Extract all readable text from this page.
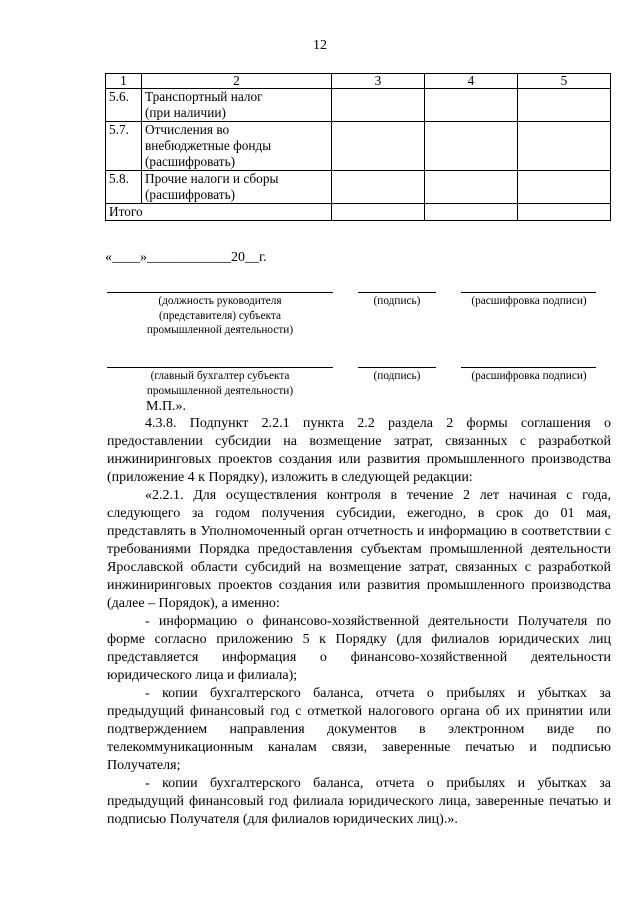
12
1	2	3	4	5
5.6.	Транспортный налог
(при наличии)			
5.7.	Отчисления во
внебюджетные фонды
(расшифровать)			
5.8.	Прочие налоги и сборы
(расшифровать)			
Итого				
«____»____________20__г.
(должность руководителя
(представителя) субъекта
промышленной деятельности)
(подпись)	(расшифровка подписи)
(главный бухгалтер субъекта
промышленной деятельности)
(подпись)	(расшифровка подписи)
М.П.».

4.3.8. Подпункт 2.2.1 пункта 2.2 раздела 2 формы соглашения о предоставлении субсидии на возмещение затрат, связанных с разработкой инжиниринговых проектов создания или развития промышленного производства (приложение 4 к Порядку), изложить в следующей редакции:

«2.2.1. Для осуществления контроля в течение 2 лет начиная с года, следующего за годом получения субсидии, ежегодно, в срок до 01 мая, представлять в Уполномоченный орган отчетность и информацию в соответствии с требованиями Порядка предоставления субъектам промышленной деятельности Ярославской области субсидий на возмещение затрат, связанных с разработкой инжиниринговых проектов создания или развития промышленного производства (далее – Порядок), а именно:

- информацию о финансово-хозяйственной деятельности Получателя по форме согласно приложению 5 к Порядку (для филиалов юридических лиц представляется информация о финансово-хозяйственной деятельности юридического лица и филиала);

- копии бухгалтерского баланса, отчета о прибылях и убытках за предыдущий финансовый год с отметкой налогового органа об их принятии или подтверждением направления документов в электронном виде по телекоммуникационным каналам связи, заверенные печатью и подписью Получателя;

- копии бухгалтерского баланса, отчета о прибылях и убытках за предыдущий финансовый год филиала юридического лица, заверенные печатью и подписью Получателя (для филиалов юридических лиц).».
